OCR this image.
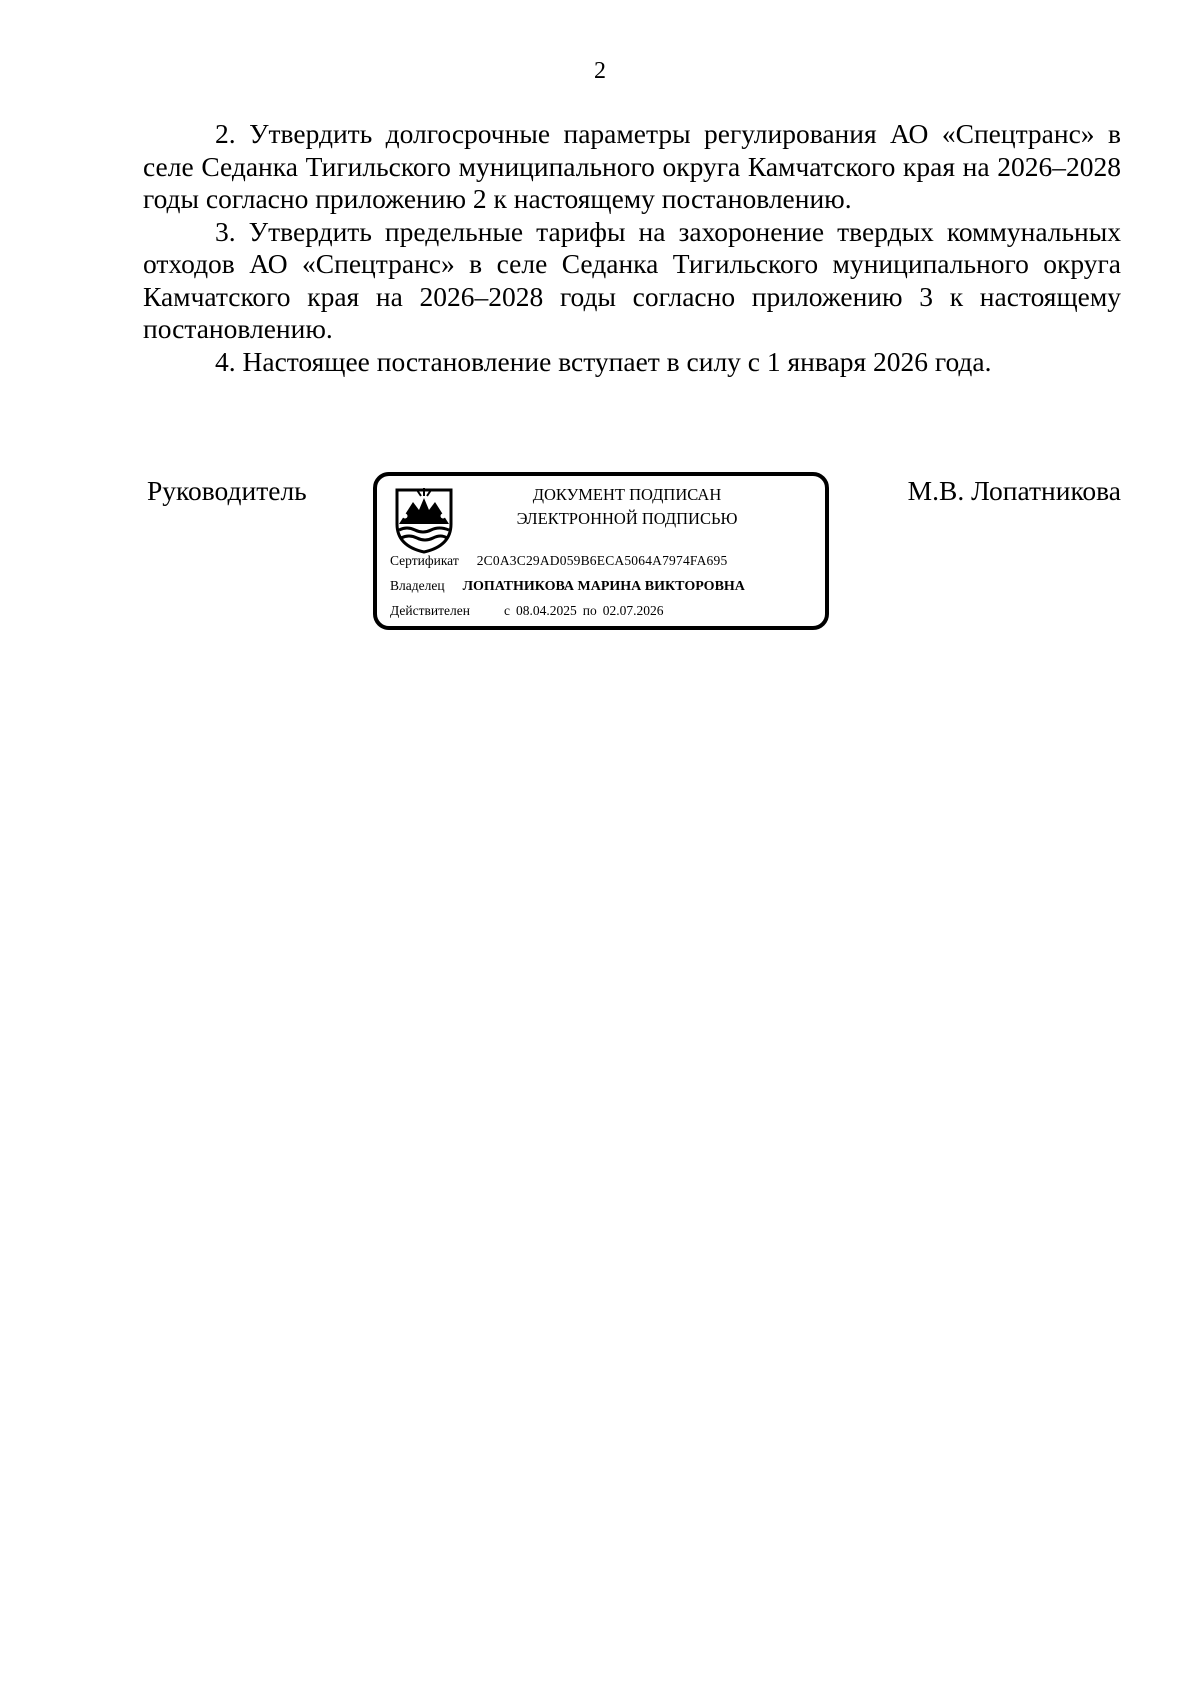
2

2. Утвердить долгосрочные параметры регулирования АО «Спецтранс» в селе Седанка Тигильского муниципального округа Камчатского края на 2026–2028 годы согласно приложению 2 к настоящему постановлению.

3. Утвердить предельные тарифы на захоронение твердых коммунальных отходов АО «Спецтранс» в селе Седанка Тигильского муниципального округа Камчатского края на 2026–2028 годы согласно приложению 3 к настоящему постановлению.

4. Настоящее постановление вступает в силу с 1 января 2026 года.

Руководитель	ДОКУМЕНТ ПОДПИСАН
ЭЛЕКТРОННОЙ ПОДПИСЬЮ
Сертификат 2C0A3C29AD059B6ECA5064A7974FA695
Владелец ЛОПАТНИКОВА МАРИНА ВИКТОРОВНА
Действителен	с 08.04.2025 по 02.07.2026
М.В. Лопатникова
